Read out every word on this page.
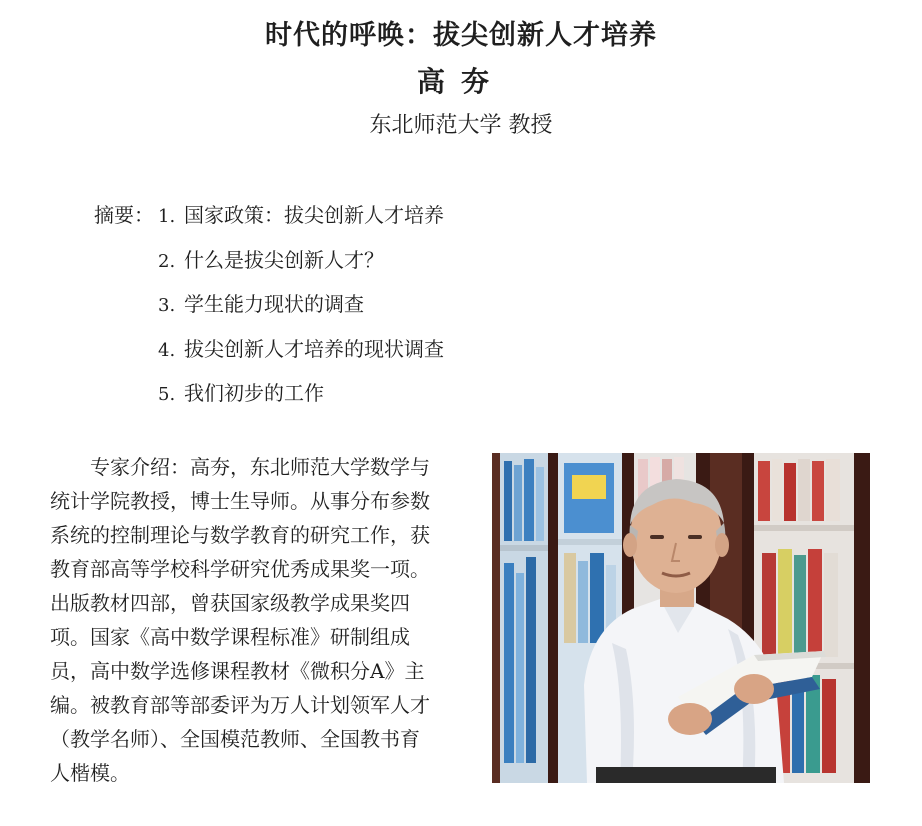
时代的呼唤：拔尖创新人才培养
高夯
东北师范大学 教授
摘要： 1. 国家政策：拔尖创新人才培养
2. 什么是拔尖创新人才？
3. 学生能力现状的调查
4. 拔尖创新人才培养的现状调查
5. 我们初步的工作
  专家介绍：高夯，东北师范大学数学与
统计学院教授，博士生导师。从事分布参数
系统的控制理论与数学教育的研究工作，获
教育部高等学校科学研究优秀成果奖一项。
出版教材四部，曾获国家级教学成果奖四
项。国家《高中数学课程标准》研制组成
员，高中数学选修课程教材《微积分A》主
编。被教育部等部委评为万人计划领军人才
（教学名师）、全国模范教师、全国教书育
人楷模。
